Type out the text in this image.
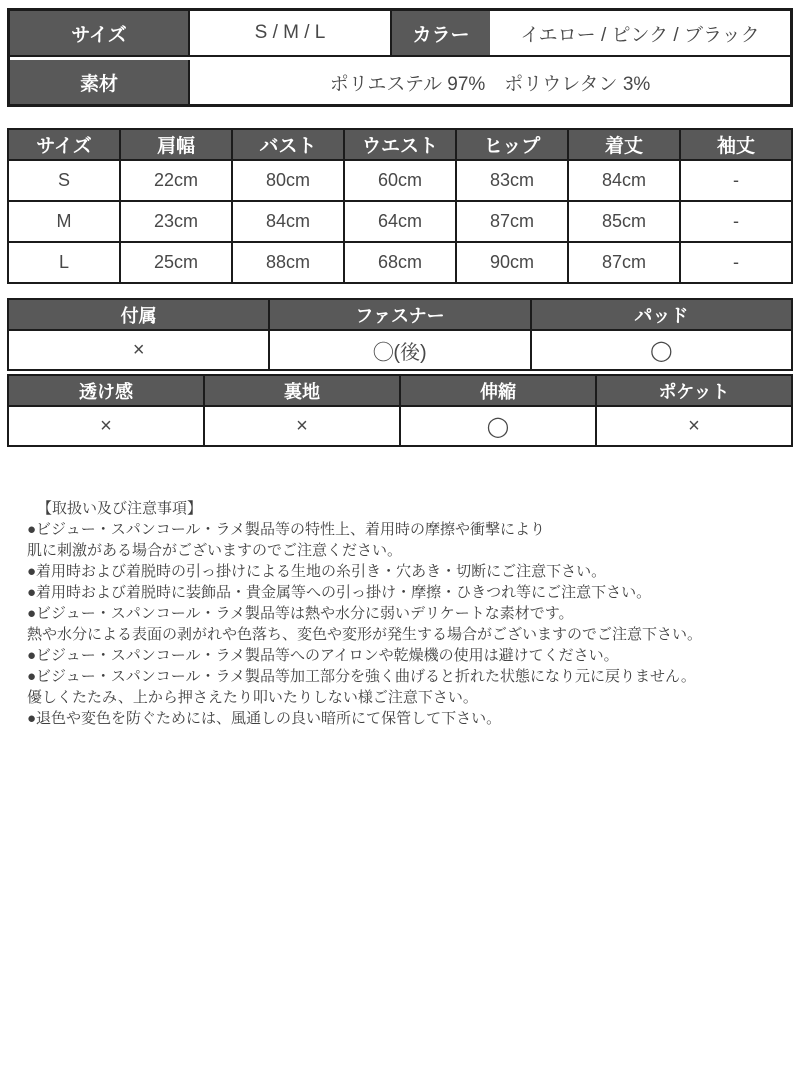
サイズ	S / M / L	カラー	イエロー / ピンク / ブラック
素材	ポリエステル 97%　ポリウレタン 3%
サイズ	肩幅	バスト	ウエスト	ヒップ	着丈	袖丈
S	22cm	80cm	60cm	83cm	84cm	-
M	23cm	84cm	64cm	87cm	85cm	-
L	25cm	88cm	68cm	90cm	87cm	-
付属	ファスナー	パッド
×	◯(後)	◯
透け感	裏地	伸縮	ポケット
×	×	◯	×
【取扱い及び注意事項】
●ビジュー・スパンコール・ラメ製品等の特性上、着用時の摩擦や衝撃により
肌に刺激がある場合がございますのでご注意ください。
●着用時および着脱時の引っ掛けによる生地の糸引き・穴あき・切断にご注意下さい。
●着用時および着脱時に装飾品・貴金属等への引っ掛け・摩擦・ひきつれ等にご注意下さい。
●ビジュー・スパンコール・ラメ製品等は熱や水分に弱いデリケートな素材です。
熱や水分による表面の剥がれや色落ち、変色や変形が発生する場合がございますのでご注意下さい。
●ビジュー・スパンコール・ラメ製品等へのアイロンや乾燥機の使用は避けてください。
●ビジュー・スパンコール・ラメ製品等加工部分を強く曲げると折れた状態になり元に戻りません。
優しくたたみ、上から押さえたり叩いたりしない様ご注意下さい。
●退色や変色を防ぐためには、風通しの良い暗所にて保管して下さい。
